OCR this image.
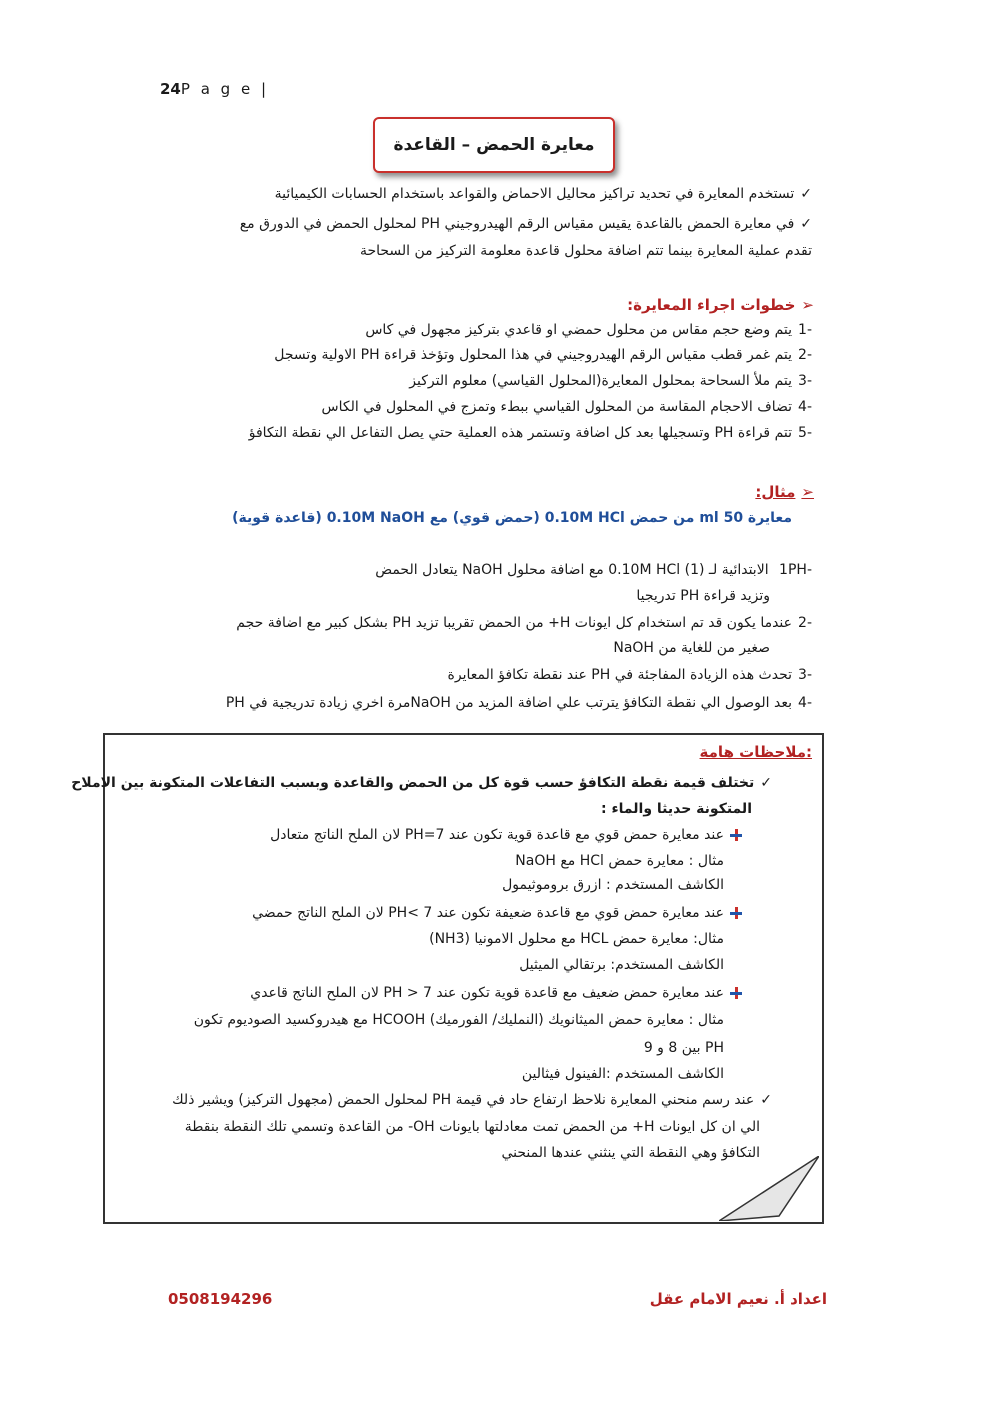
24P a g e |
معايرة الحمض – القاعدة
✓ تستخدم المعايرة في تحديد تراكيز محاليل الاحماض والقواعد باستخدام الحسابات الكيميائية
✓ في معايرة الحمض بالقاعدة يقيس مقياس الرقم الهيدروجيني PH لمحلول الحمض في الدورق مع
تقدم عملية المعايرة بينما تتم اضافة محلول قاعدة معلومة التركيز من السحاحة
➢خطوات اجراء المعايرة:
-1يتم وضع حجم مقاس من محلول حمضي او قاعدي بتركيز مجهول في كاس
-2يتم غمر قطب مقياس الرقم الهيدروجيني في هذا المحلول وتؤخذ قراءة PH الاولية وتسجل
-3يتم ملأ السحاحة بمحلول المعايرة(المحلول القياسي) معلوم التركيز
-4تضاف الاحجام المقاسة من المحلول القياسي ببطء وتمزج في المحلول في الكاس
-5تتم قراءة PH وتسجيلها بعد كل اضافة وتستمر هذه العملية حتي يصل التفاعل الي نقطة التكافؤ
➢مثال:
معايرة 50 ml من حمض 0.10M HCl (حمض قوي) مع 0.10M NaOH (قاعدة قوية)
-1PH الابتدائية لـ 0.10M HCl (1) مع اضافة محلول NaOH يتعادل الحمض
وتزيد قراءة PH تدريجيا
-2عندما يكون قد تم استخدام كل ايونات H+ من الحمض تقريبا تزيد PH بشكل كبير مع اضافة حجم
صغير من للغاية من NaOH
-3تحدث هذه الزيادة المفاجئة في PH عند نقطة تكافؤ المعايرة
-4بعد الوصول الي نقطة التكافؤ يترتب علي اضافة المزيد من NaOHمرة اخري زيادة تدريجية في PH
ملاحظات هامة:
✓ تختلف قيمة نقطة التكافؤ حسب قوة كل من الحمض والقاعدة وبسبب التفاعلات المتكونة بين الاملاح
المتكونة حديثا والماء :
عند معايرة حمض قوي مع قاعدة قوية تكون عند PH=7 لان الملح الناتج متعادل
مثال : معايرة حمض HCl مع NaOH
الكاشف المستخدم : ازرق بروموثيمول
عند معايرة حمض قوي مع قاعدة ضعيفة تكون عند PH< 7 لان الملح الناتج حمضي
مثال: معايرة حمض HCL مع محلول الامونيا (NH3)
الكاشف المستخدم: برتقالي الميثيل
عند معايرة حمض ضعيف مع قاعدة قوية تكون عند PH > 7 لان الملح الناتج قاعدي
مثال : معايرة حمض الميثانويك (النمليك/ الفورميك) HCOOH مع هيدروكسيد الصوديوم تكون
PH بين 8 و 9
الكاشف المستخدم :الفينول فيثالين
✓ عند رسم منحني المعايرة نلاحظ ارتفاع حاد في قيمة PH لمحلول الحمض (مجهول التركيز) ويشير ذلك
الي ان كل ايونات H+ من الحمض تمت معادلتها بايونات OH- من القاعدة وتسمي تلك النقطة بنقطة
التكافؤ وهي النقطة التي ينثني عندها المنحني
0508194296	اعداد أ. نعيم الامام عقل
